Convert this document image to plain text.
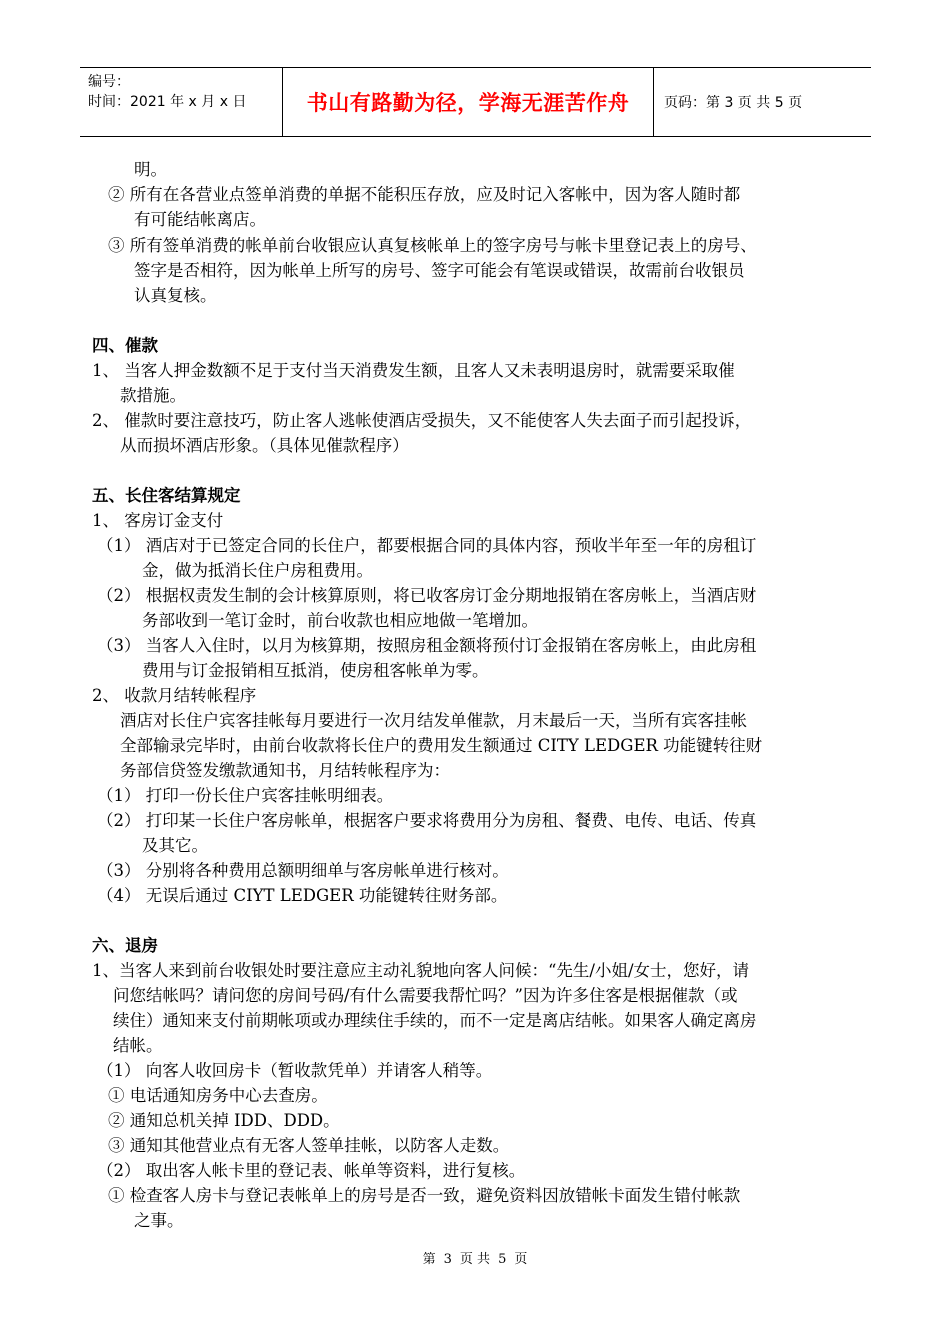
编号：
时间：2021 年 x 月 x 日	书山有路勤为径，学海无涯苦作舟 页码：第 3 页 共 5 页
明。
② 所有在各营业点签单消费的单据不能积压存放，应及时记入客帐中，因为客人随时都
有可能结帐离店。
③ 所有签单消费的帐单前台收银应认真复核帐单上的签字房号与帐卡里登记表上的房号、
签字是否相符，因为帐单上所写的房号、签字可能会有笔误或错误，故需前台收银员
认真复核。
四、催款
1、 当客人押金数额不足于支付当天消费发生额，且客人又未表明退房时，就需要采取催
款措施。
2、 催款时要注意技巧，防止客人逃帐使酒店受损失，又不能使客人失去面子而引起投诉，
从而损坏酒店形象。（具体见催款程序）
五、长住客结算规定
1、 客房订金支付
（1） 酒店对于已签定合同的长住户，都要根据合同的具体内容，预收半年至一年的房租订
金，做为抵消长住户房租费用。
（2） 根据权责发生制的会计核算原则，将已收客房订金分期地报销在客房帐上，当酒店财
务部收到一笔订金时，前台收款也相应地做一笔增加。
（3） 当客人入住时，以月为核算期，按照房租金额将预付订金报销在客房帐上，由此房租
费用与订金报销相互抵消，使房租客帐单为零。
2、 收款月结转帐程序
酒店对长住户宾客挂帐每月要进行一次月结发单催款，月末最后一天，当所有宾客挂帐
全部输录完毕时，由前台收款将长住户的费用发生额通过 CITY LEDGER 功能键转往财
务部信贷签发缴款通知书，月结转帐程序为：
（1） 打印一份长住户宾客挂帐明细表。
（2） 打印某一长住户客房帐单，根据客户要求将费用分为房租、餐费、电传、电话、传真
及其它。
（3） 分别将各种费用总额明细单与客房帐单进行核对。
（4） 无误后通过 CIYT LEDGER 功能键转往财务部。
六、退房
1、当客人来到前台收银处时要注意应主动礼貌地向客人问候：“先生/小姐/女士，您好，请
问您结帐吗？请问您的房间号码/有什么需要我帮忙吗？”因为许多住客是根据催款（或
续住）通知来支付前期帐项或办理续住手续的，而不一定是离店结帐。如果客人确定离房
结帐。
（1） 向客人收回房卡（暂收款凭单）并请客人稍等。
① 电话通知房务中心去查房。
② 通知总机关掉 IDD、DDD。
③ 通知其他营业点有无客人签单挂帐，以防客人走数。
（2） 取出客人帐卡里的登记表、帐单等资料，进行复核。
① 检查客人房卡与登记表帐单上的房号是否一致，避免资料因放错帐卡面发生错付帐款
之事。
第 3 页 共 5 页
